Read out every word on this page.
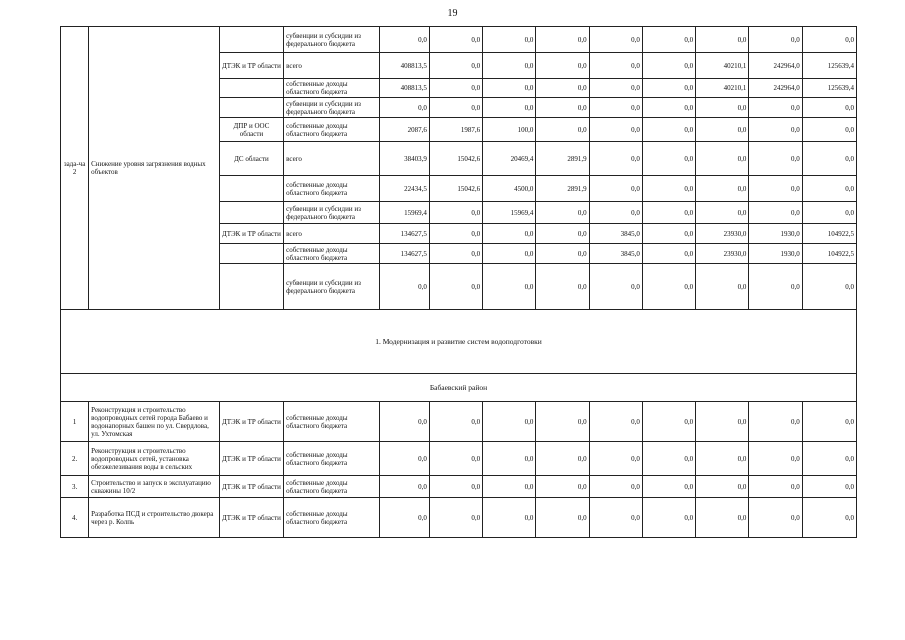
19
зада-ча 2	Снижение уровня загрязнения водных объектов		субвенции и субсидии из федерального бюджета	0,0	0,0	0,0	0,0	0,0	0,0	0,0	0,0	0,0
		ДТЭК и ТР области	всего	408813,5	0,0	0,0	0,0	0,0	0,0	40210,1	242964,0	125639,4
			собственные доходы областного бюджета	408813,5	0,0	0,0	0,0	0,0	0,0	40210,1	242964,0	125639,4
			субвенции и субсидии из федерального бюджета	0,0	0,0	0,0	0,0	0,0	0,0	0,0	0,0	0,0
		ДПР и ООС области	собственные доходы областного бюджета	2087,6	1987,6	100,0	0,0	0,0	0,0	0,0	0,0	0,0
		ДС области	всего	38403,9	15042,6	20469,4	2891,9	0,0	0,0	0,0	0,0	0,0
			собственные доходы областного бюджета	22434,5	15042,6	4500,0	2891,9	0,0	0,0	0,0	0,0	0,0
			субвенции и субсидии из федерального бюджета	15969,4	0,0	15969,4	0,0	0,0	0,0	0,0	0,0	0,0
		ДТЭК и ТР области	всего	134627,5	0,0	0,0	0,0	3845,0	0,0	23930,0	1930,0	104922,5
			собственные доходы областного бюджета	134627,5	0,0	0,0	0,0	3845,0	0,0	23930,0	1930,0	104922,5
			субвенции и субсидии из федерального бюджета	0,0	0,0	0,0	0,0	0,0	0,0	0,0	0,0	0,0
1. Модернизация и развитие систем водоподготовки												
Бабаевский район												
1	Реконструкция и строительство водопроводных сетей города Бабаево и водонапорных башен по ул. Свердлова, ул. Ухтомская	ДТЭК и ТР области	собственные доходы областного бюджета	0,0	0,0	0,0	0,0	0,0	0,0	0,0	0,0	0,0
2.	Реконструкция и строительство водопроводных сетей, установка обезжелезивания воды в сельских	ДТЭК и ТР области	собственные доходы областного бюджета	0,0	0,0	0,0	0,0	0,0	0,0	0,0	0,0	0,0
3.	Строительство и запуск в эксплуатацию скважины 10/2	ДТЭК и ТР области	собственные доходы областного бюджета	0,0	0,0	0,0	0,0	0,0	0,0	0,0	0,0	0,0
4.	Разработка ПСД и строительство дюкера через р. Колпь	ДТЭК и ТР области	собственные доходы областного бюджета	0,0	0,0	0,0	0,0	0,0	0,0	0,0	0,0	0,0
